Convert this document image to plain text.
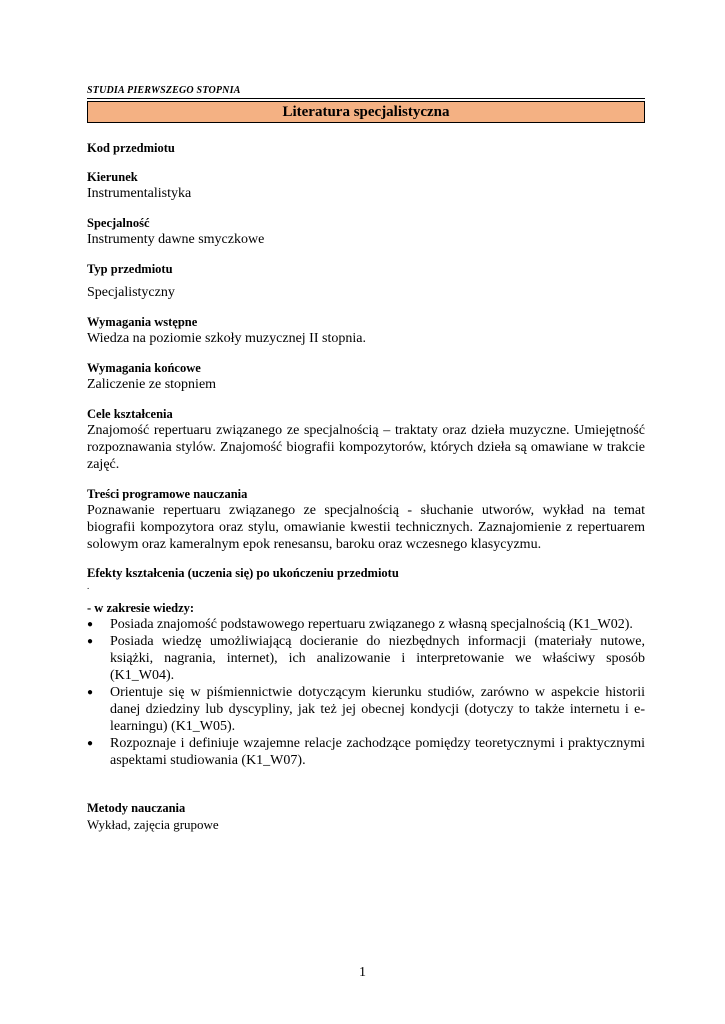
STUDIA PIERWSZEGO STOPNIA
Literatura specjalistyczna
Kod przedmiotu
Kierunek
Instrumentalistyka
Specjalność
Instrumenty dawne smyczkowe
Typ przedmiotu
Specjalistyczny
Wymagania wstępne
Wiedza na poziomie szkoły muzycznej II stopnia.
Wymagania końcowe
Zaliczenie ze stopniem
Cele kształcenia
Znajomość repertuaru związanego ze specjalnością – traktaty oraz dzieła muzyczne. Umiejętność rozpoznawania stylów. Znajomość biografii kompozytorów, których dzieła są omawiane w trakcie zajęć.
Treści programowe nauczania
Poznawanie repertuaru związanego ze specjalnością - słuchanie utworów, wykład na temat biografii kompozytora oraz stylu, omawianie kwestii technicznych. Zaznajomienie z repertuarem solowym oraz kameralnym epok renesansu, baroku oraz wczesnego klasycyzmu.
Efekty kształcenia (uczenia się) po ukończeniu przedmiotu
.
- w zakresie wiedzy:
●	Posiada znajomość podstawowego repertuaru związanego z własną specjalnością (K1_W02).
●	Posiada wiedzę umożliwiającą docieranie do niezbędnych informacji (materiały nutowe, książki, nagrania, internet), ich analizowanie i interpretowanie we właściwy sposób (K1_W04).
●	Orientuje się w piśmiennictwie dotyczącym kierunku studiów, zarówno w aspekcie historii danej dziedziny lub dyscypliny, jak też jej obecnej kondycji (dotyczy to także internetu i e-learningu) (K1_W05).
●	Rozpoznaje i definiuje wzajemne relacje zachodzące pomiędzy teoretycznymi i praktycznymi aspektami studiowania (K1_W07).
Metody nauczania
Wykład, zajęcia grupowe
1
